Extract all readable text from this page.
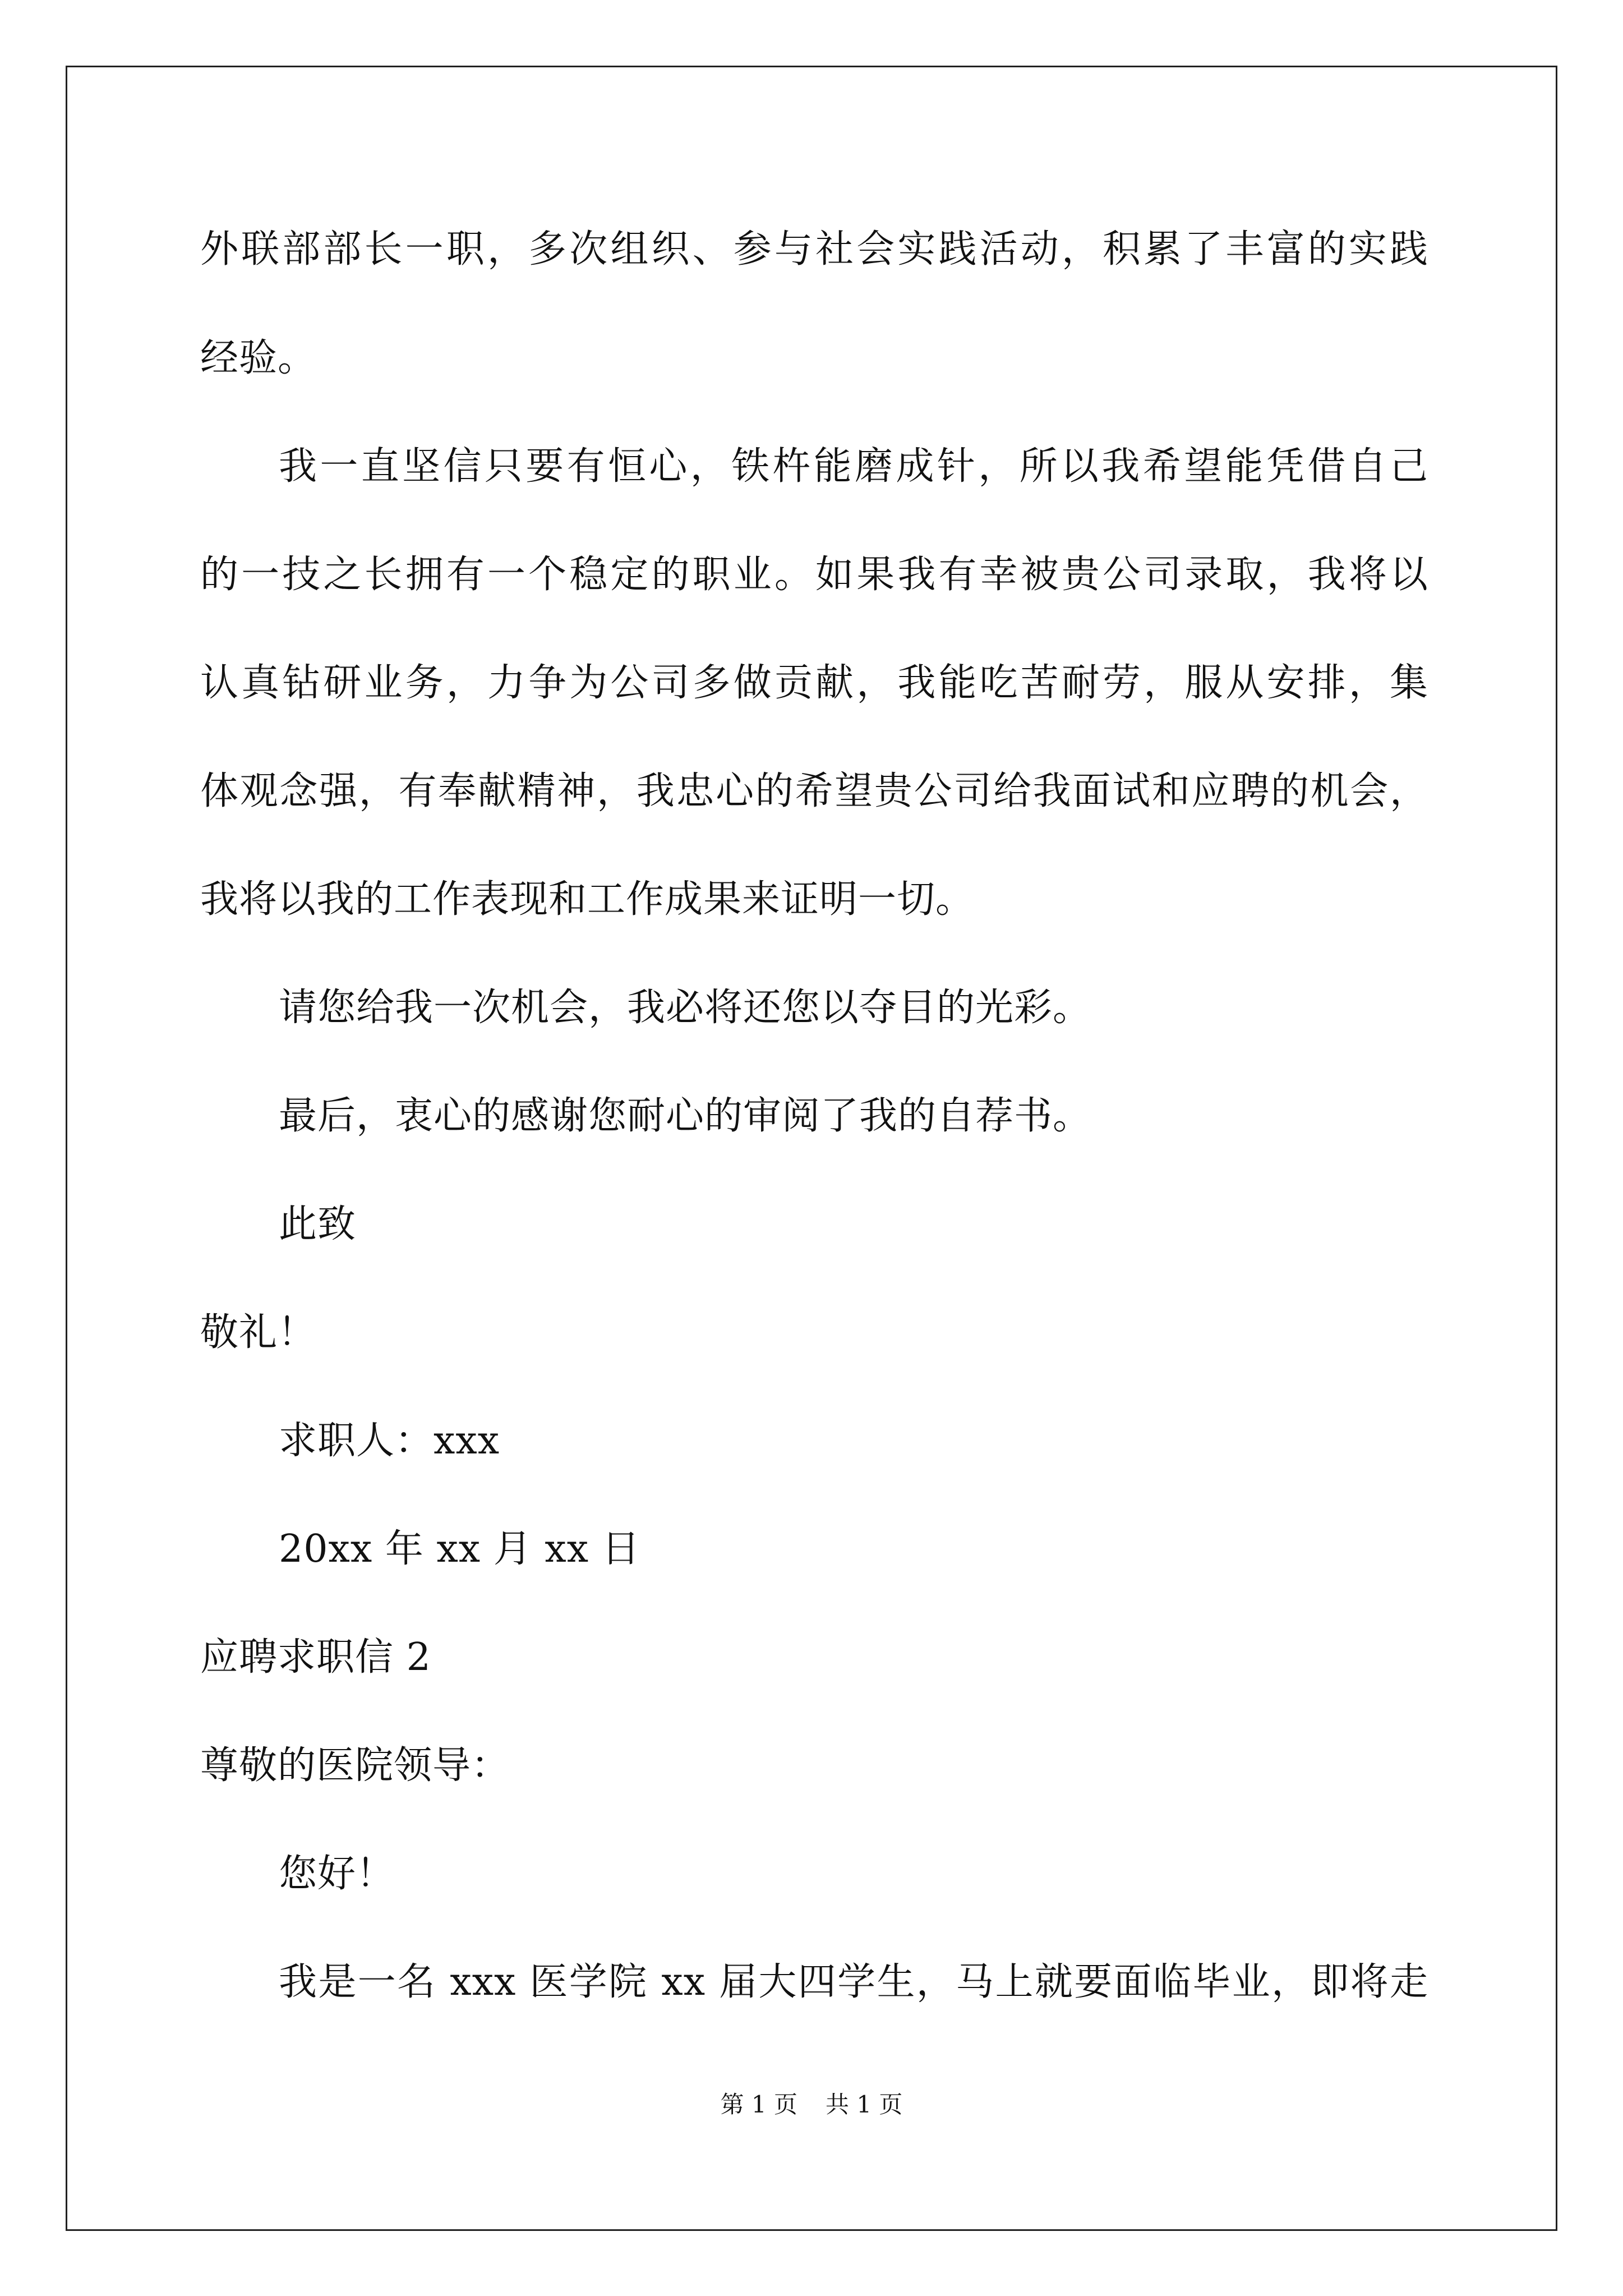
外联部部长一职，多次组织、参与社会实践活动，积累了丰富的实践
经验。
我一直坚信只要有恒心，铁杵能磨成针，所以我希望能凭借自己
的一技之长拥有一个稳定的职业。如果我有幸被贵公司录取，我将以
认真钻研业务，力争为公司多做贡献，我能吃苦耐劳，服从安排，集
体观念强，有奉献精神，我忠心的希望贵公司给我面试和应聘的机会，
我将以我的工作表现和工作成果来证明一切。
请您给我一次机会，我必将还您以夺目的光彩。
最后，衷心的感谢您耐心的审阅了我的自荐书。
此致
敬礼！
求职人：xxx
20xx 年 xx 月 xx 日
应聘求职信 2
尊敬的医院领导：
您好！
我是一名 xxx 医学院 xx 届大四学生，马上就要面临毕业，即将走
第 1 页 共 1 页
